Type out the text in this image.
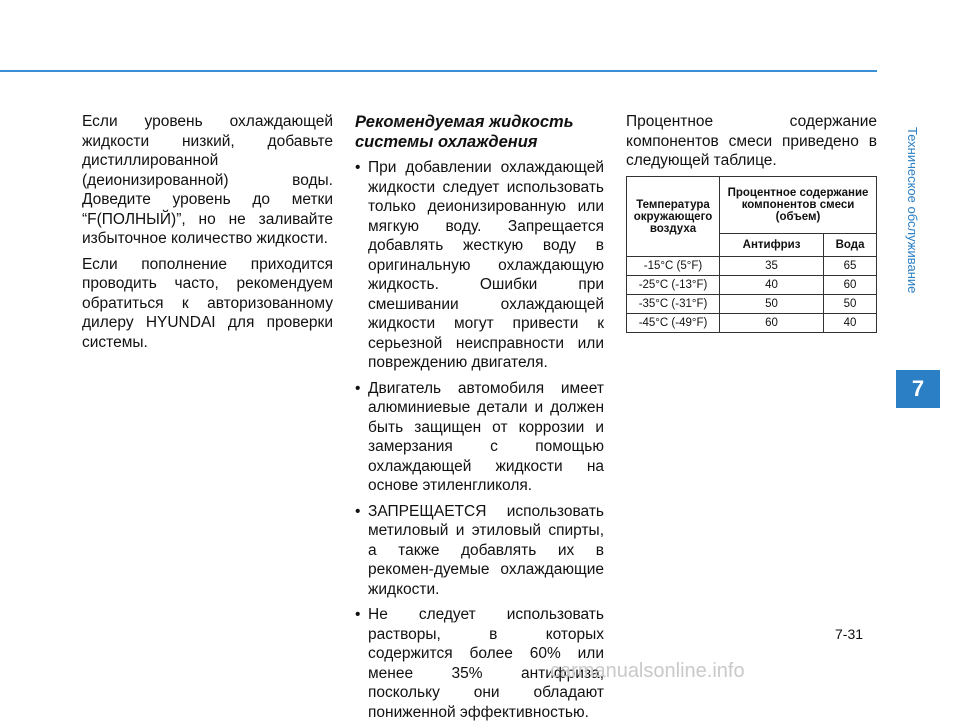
Если уровень охлаждающей
жидкости низкий, добавьте
дистиллированной
(деионизированной) воды.
Доведите уровень до метки
“F(ПОЛНЫЙ)”, но не заливайте
избыточное количество жидкости.

Если пополнение приходится проводить часто, рекомендуем обратиться к авторизованному дилеру HYUNDAI для проверки системы.

Рекомендуемая жидкость системы охлаждения
• При добавлении охлаждающей жидкости следует использовать только деионизированную или мягкую воду. Запрещается добавлять жесткую воду в оригинальную охлаждающую жидкость. Ошибки при смешивании охлаждающей жидкости могут привести к серьезной неисправности или повреждению двигателя.
• Двигатель автомобиля имеет алюминиевые детали и должен быть защищен от коррозии и замерзания с помощью охлаждающей жидкости на основе этиленгликоля.
• ЗАПРЕЩАЕТСЯ использовать метиловый и этиловый спирты, а также добавлять их в рекомен-дуемые охлаждающие жидкости.
• Не следует использовать растворы, в которых содержится более 60% или менее 35% антифриза, поскольку они обладают пониженной эффективностью.

Процентное содержание компонентов смеси приведено в следующей таблице.

Температура окружающего воздуха	Процентное содержание компонентов смеси (объем)	
	Антифриз	Вода
-15°C (5°F)	35	65
-25°C (-13°F)	40	60
-35°C (-31°F)	50	50
-45°C (-49°F)	60	40
Техническое обслуживание
7
7-31
carmanualsonline.info
